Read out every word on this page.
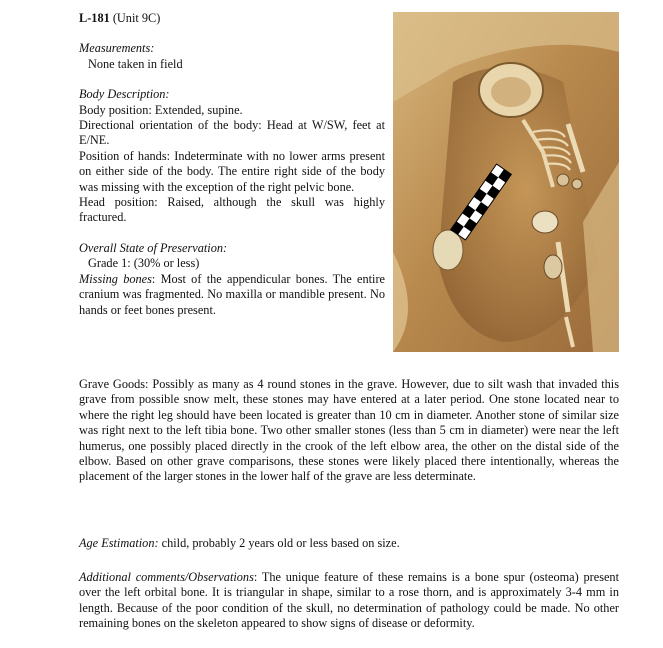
L-181 (Unit 9C)

Measurements:

None taken in field

Body Description:

Body position: Extended, supine.

Directional orientation of the body: Head at W/SW, feet at E/NE.

Position of hands: Indeterminate with no lower arms present on either side of the body. The entire right side of the body was missing with the exception of the right pelvic bone.

Head position: Raised, although the skull was highly fractured.

Overall State of Preservation:

Grade 1: (30% or less)

Missing bones: Most of the appendicular bones. The entire cranium was fragmented. No maxilla or mandible present. No hands or feet bones present.

Grave Goods: Possibly as many as 4 round stones in the grave. However, due to silt wash that invaded this grave from possible snow melt, these stones may have entered at a later period. One stone located near to where the right leg should have been located is greater than 10 cm in diameter. Another stone of similar size was right next to the left tibia bone. Two other smaller stones (less than 5 cm in diameter) were near the left humerus, one possibly placed directly in the crook of the left elbow area, the other on the distal side of the elbow. Based on other grave comparisons, these stones were likely placed there intentionally, whereas the placement of the larger stones in the lower half of the grave are less determinate.

Age Estimation: child, probably 2 years old or less based on size.

Additional comments/Observations: The unique feature of these remains is a bone spur (osteoma) present over the left orbital bone. It is triangular in shape, similar to a rose thorn, and is approximately 3-4 mm in length. Because of the poor condition of the skull, no determination of pathology could be made. No other remaining bones on the skeleton appeared to show signs of disease or deformity.
